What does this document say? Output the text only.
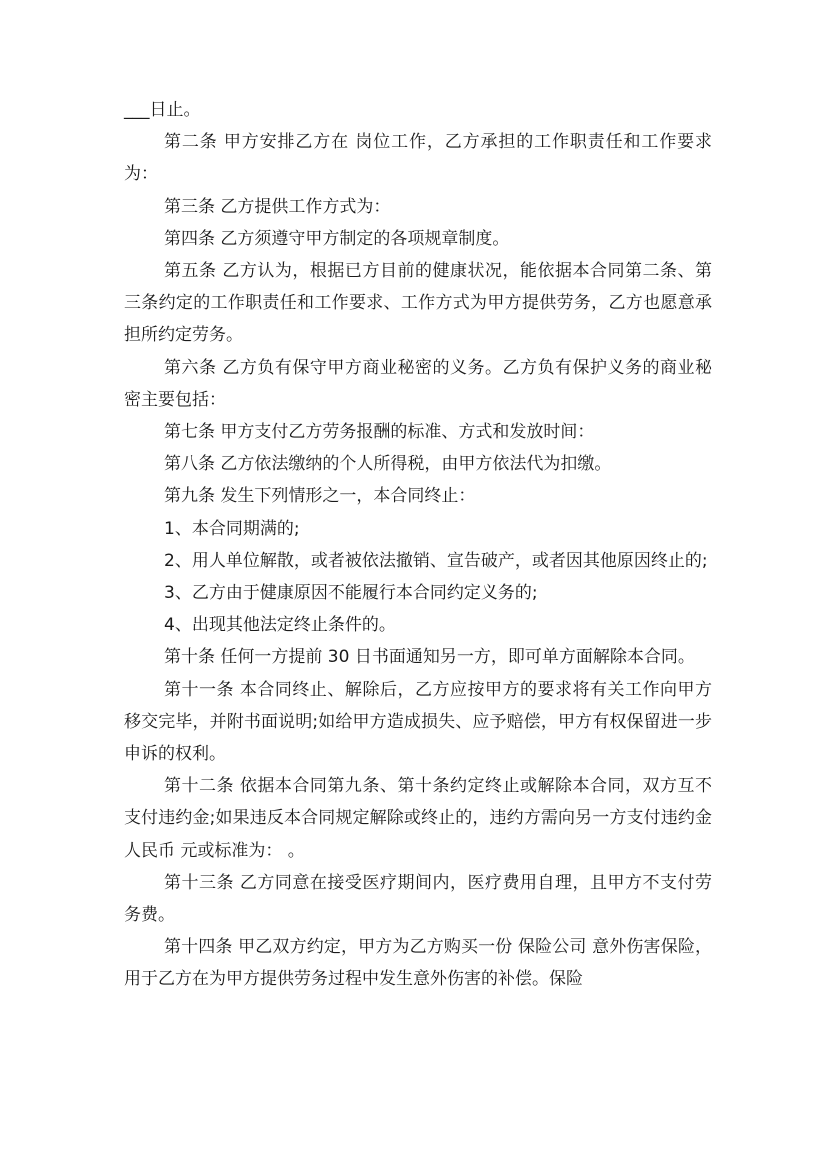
___日止。

第二条 甲方安排乙方在 岗位工作，乙方承担的工作职责任和工作要求为：

第三条 乙方提供工作方式为：

第四条 乙方须遵守甲方制定的各项规章制度。

第五条 乙方认为，根据已方目前的健康状况，能依据本合同第二条、第三条约定的工作职责任和工作要求、工作方式为甲方提供劳务，乙方也愿意承担所约定劳务。

第六条 乙方负有保守甲方商业秘密的义务。乙方负有保护义务的商业秘密主要包括：

第七条 甲方支付乙方劳务报酬的标准、方式和发放时间：

第八条 乙方依法缴纳的个人所得税，由甲方依法代为扣缴。

第九条 发生下列情形之一，本合同终止：

1、本合同期满的;

2、用人单位解散，或者被依法撤销、宣告破产，或者因其他原因终止的;

3、乙方由于健康原因不能履行本合同约定义务的;

4、出现其他法定终止条件的。

第十条 任何一方提前 30 日书面通知另一方，即可单方面解除本合同。

第十一条 本合同终止、解除后，乙方应按甲方的要求将有关工作向甲方移交完毕，并附书面说明;如给甲方造成损失、应予赔偿，甲方有权保留进一步申诉的权利。

第十二条 依据本合同第九条、第十条约定终止或解除本合同，双方互不支付违约金;如果违反本合同规定解除或终止的，违约方需向另一方支付违约金人民币 元或标准为： 。

第十三条 乙方同意在接受医疗期间内，医疗费用自理，且甲方不支付劳务费。

第十四条 甲乙双方约定，甲方为乙方购买一份 保险公司 意外伤害保险，用于乙方在为甲方提供劳务过程中发生意外伤害的补偿。保险
